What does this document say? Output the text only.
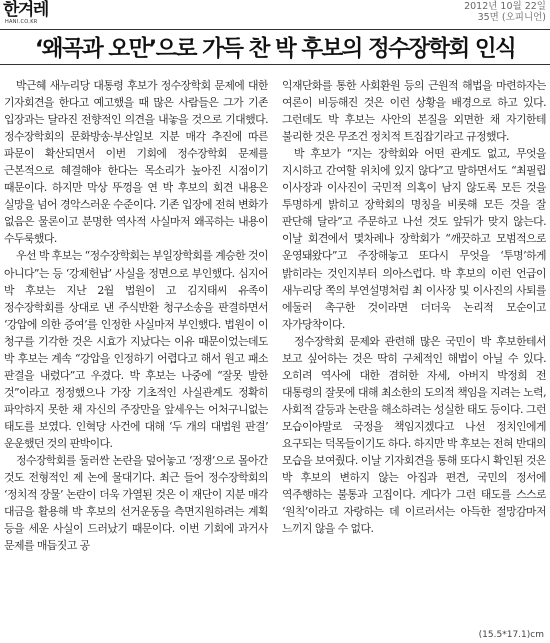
한겨레
HANI.CO.KR
2012년 10월 22일
35면 (오피니언)
‘왜곡과 오만’으로 가득 찬 박 후보의 정수장학회 인식

박근혜 새누리당 대통령 후보가 정수장학회 문제에 대한 기자회견을 한다고 예고했을 때 많은 사람들은 그가 기존 입장과는 달라진 전향적인 의견을 내놓을 것으로 기대했다. 정수장학회의 문화방송·부산일보 지분 매각 추진에 따른 파문이 확산되면서 이번 기회에 정수장학회 문제를 근본적으로 혜결해야 한다는 목소리가 높아진 시점이기 때문이다. 하지만 막상 뚜껑을 연 박 후보의 회견 내용은 실망을 넘어 경악스러운 수준이다. 기존 입장에 전혀 변화가 없음은 물론이고 분명한 역사적 사실마저 왜곡하는 내용이 수두룩했다.

우선 박 후보는 “정수장학회는 부일장학회를 계승한 것이 아니다”는 등 ‘강제헌납’ 사실을 정면으로 부인했다. 심지어 박 후보는 지난 2월 법원이 고 김지태씨 유족이 정수장학회를 상대로 낸 주식반환 청구소송을 판결하면서 ‘강압에 의한 증여’를 인정한 사실마저 부인했다. 법원이 이 청구를 기각한 것은 시효가 지났다는 이유 때문이었는데도 박 후보는 계속 “강압을 인정하기 어렵다고 해서 원고 패소 판결을 내렸다”고 우겼다. 박 후보는 나중에 “잘못 발한 것”이라고 정정했으나 가장 기초적인 사실관계도 정확히 파악하지 못한 채 자신의 주장만을 앞세우는 어처구니없는 태도를 보였다. 인혁당 사건에 대해 ‘두 개의 대법원 판결’ 운운했던 것의 판박이다.

정수장학회를 둘러싼 논란을 덮어놓고 ‘정쟁’으로 몰아간 것도 전형적인 제 논에 물대기다. 최근 들어 정수장학회의 ‘정치적 장물’ 논란이 더욱 가열된 것은 이 재단이 지분 매각 대금을 활용해 박 후보의 선거운동을 측면지원하려는 계획 등을 세운 사실이 드러났기 때문이다. 이번 기회에 과거사 문제를 매듭짓고 공

익재단화를 통한 사회환원 등의 근원적 해법을 마련하자는 여론이 비등해진 것은 이런 상황을 배경으로 하고 있다. 그런데도 박 후보는 사안의 본질을 외면한 채 자기한테 불리한 것은 무조건 정치적 트집잡기라고 규정했다.

박 후보가 “지는 장학회와 어떤 관계도 없고, 무엇을 지시하고 간여할 위치에 있지 않다”고 말하면서도 “최필립 이사장과 이사진이 국민적 의혹이 남지 않도록 모든 것을 투명하게 밝히고 장학회의 명칭을 비롯해 모든 것을 잘 판단해 달라”고 주문하고 나선 것도 앞뒤가 맞지 않는다. 이날 회견에서 몇차례나 장학회가 “깨끗하고 모범적으로 운영돼왔다”고 주장해놓고 또다시 무엇을 ‘투명’하게 밝히라는 것인지부터 의아스럽다. 박 후보의 이런 언급이 새누리당 쪽의 부연설명처럼 최 이사장 및 이사진의 사퇴를 에둘러 촉구한 것이라면 더더욱 논리적 모순이고 자가당착이다.

정수장학회 문제와 관련해 많은 국민이 박 후보한테서 보고 싶어하는 것은 딱히 구체적인 해법이 아닐 수 있다. 오히려 역사에 대한 겸허한 자세, 아버지 박정희 전 대통령의 잘못에 대해 최소한의 도의적 책임을 지려는 노력, 사회적 갈등과 논란을 해소하려는 성실한 태도 등이다. 그런 모습이야말로 국정을 책임지겠다고 나선 정치인에게 요구되는 덕목들이기도 하다. 하지만 박 후보는 전혀 반대의 모습을 보여줬다. 이날 기자회견을 통해 또다시 확인된 것은 박 후보의 변하지 않는 아집과 편견, 국민의 정서에 역주행하는 불통과 고집이다. 게다가 그런 태도를 스스로 ‘원칙’이라고 자랑하는 데 이르러서는 아득한 절망감마저 느끼지 않을 수 없다.

(15.5*17.1)cm
